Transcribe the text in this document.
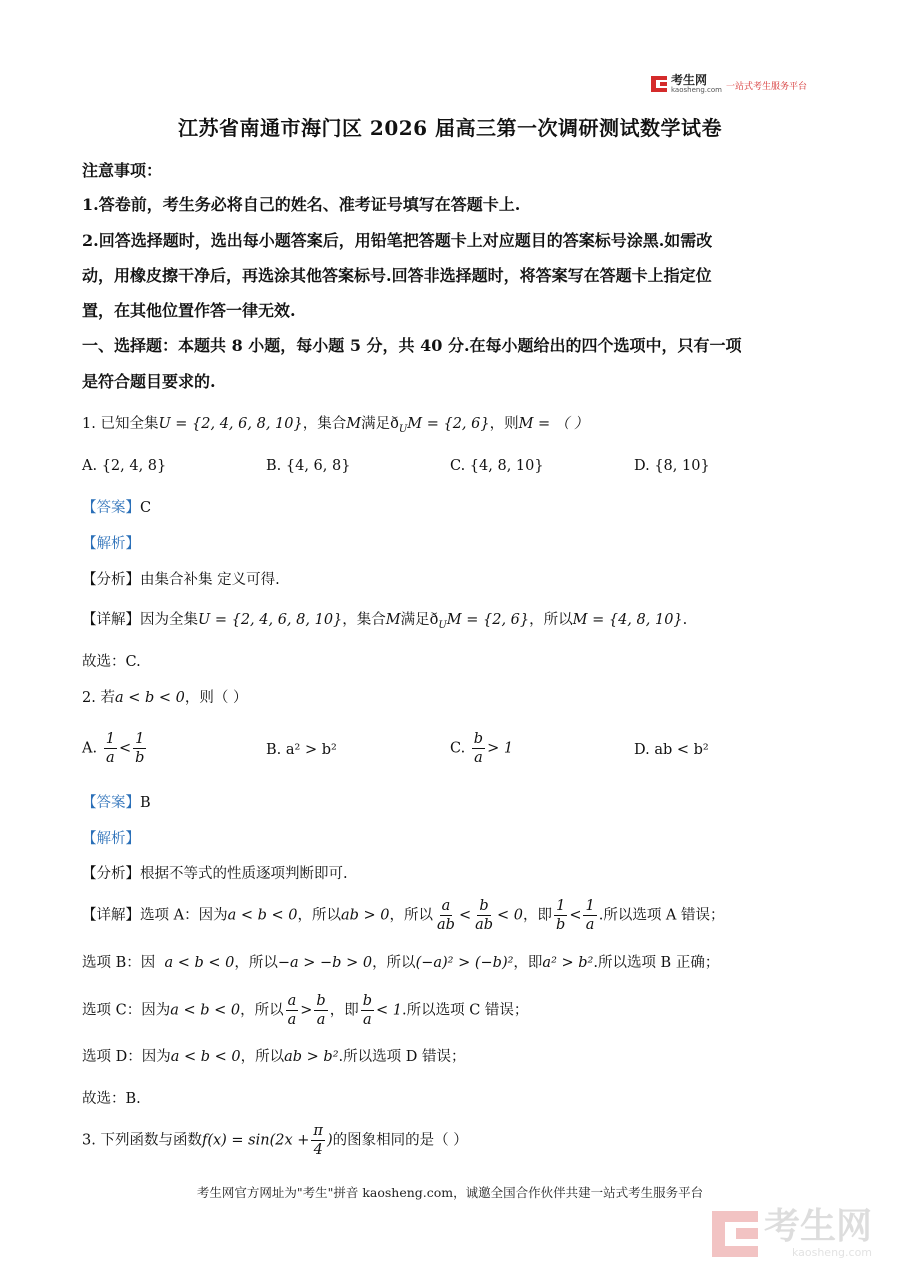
考生网
kaosheng.com 一站式考生服务平台
江苏省南通市海门区 2026 届高三第一次调研测试数学试卷
注意事项：
1.答卷前，考生务必将自己的姓名、准考证号填写在答题卡上.
2.回答选择题时，选出每小题答案后，用铅笔把答题卡上对应题目的答案标号涂黑.如需改
动，用橡皮擦干净后，再选涂其他答案标号.回答非选择题时，将答案写在答题卡上指定位
置，在其他位置作答一律无效.
一、选择题：本题共 8 小题，每小题 5 分，共 40 分.在每小题给出的四个选项中，只有一项
是符合题目要求的.
1. 已知全集U = {2, 4, 6, 8, 10}，集合M满足$ð_UM = \{2$, 6}，则M = （ ）
A. {2, 4, 8}	B. {4, 6, 8}	C. {4, 8, 10}	D. {8, 10}
【答案】C
【解析】
【分析】由集合补集 定义可得.
【详解】因为全集U = {2, 4, 6, 8, 10}，集合M满足$ð_UM = \{2$, 6}，所以M = {4, 8, 10}.
故选：C.
2. 若a < b < 0，则（ ）
A. $\frac{1}{a} < \frac{1}{b}$	B. a² > b²	C. $\frac{b}{a} > 1$	D. ab < b²
【答案】B
【解析】
【分析】根据不等式的性质逐项判断即可.
【详解】选项 A：因为a < b < 0，所以ab > 0，所以 $\frac{a}{ab} < \frac{b}{ab} < 0$，即 $\frac{1}{b} < \frac{1}{a}$ .所以选项 A 错误；
选项 B：因 a < b < 0，所以−a > −b > 0，所以(−a)² > (−b)²，即a² > b².所以选项 B 正确；
选项 C：因为a < b < 0，所以 $\frac{a}{a} > \frac{b}{a}$ ，即 $\frac{b}{a} < 1$.所以选项 C 错误；
选项 D：因为a < b < 0，所以ab > b².所以选项 D 错误；
故选：B.
3. 下列函数与函数$f(x) = \sin(2x + \frac{\pi}{4}$ )的图象相同的是（ ）
考生网官方网址为"考生"拼音 kaosheng.com，诚邀全国合作伙伴共建一站式考生服务平台
考生网
kaosheng.com
